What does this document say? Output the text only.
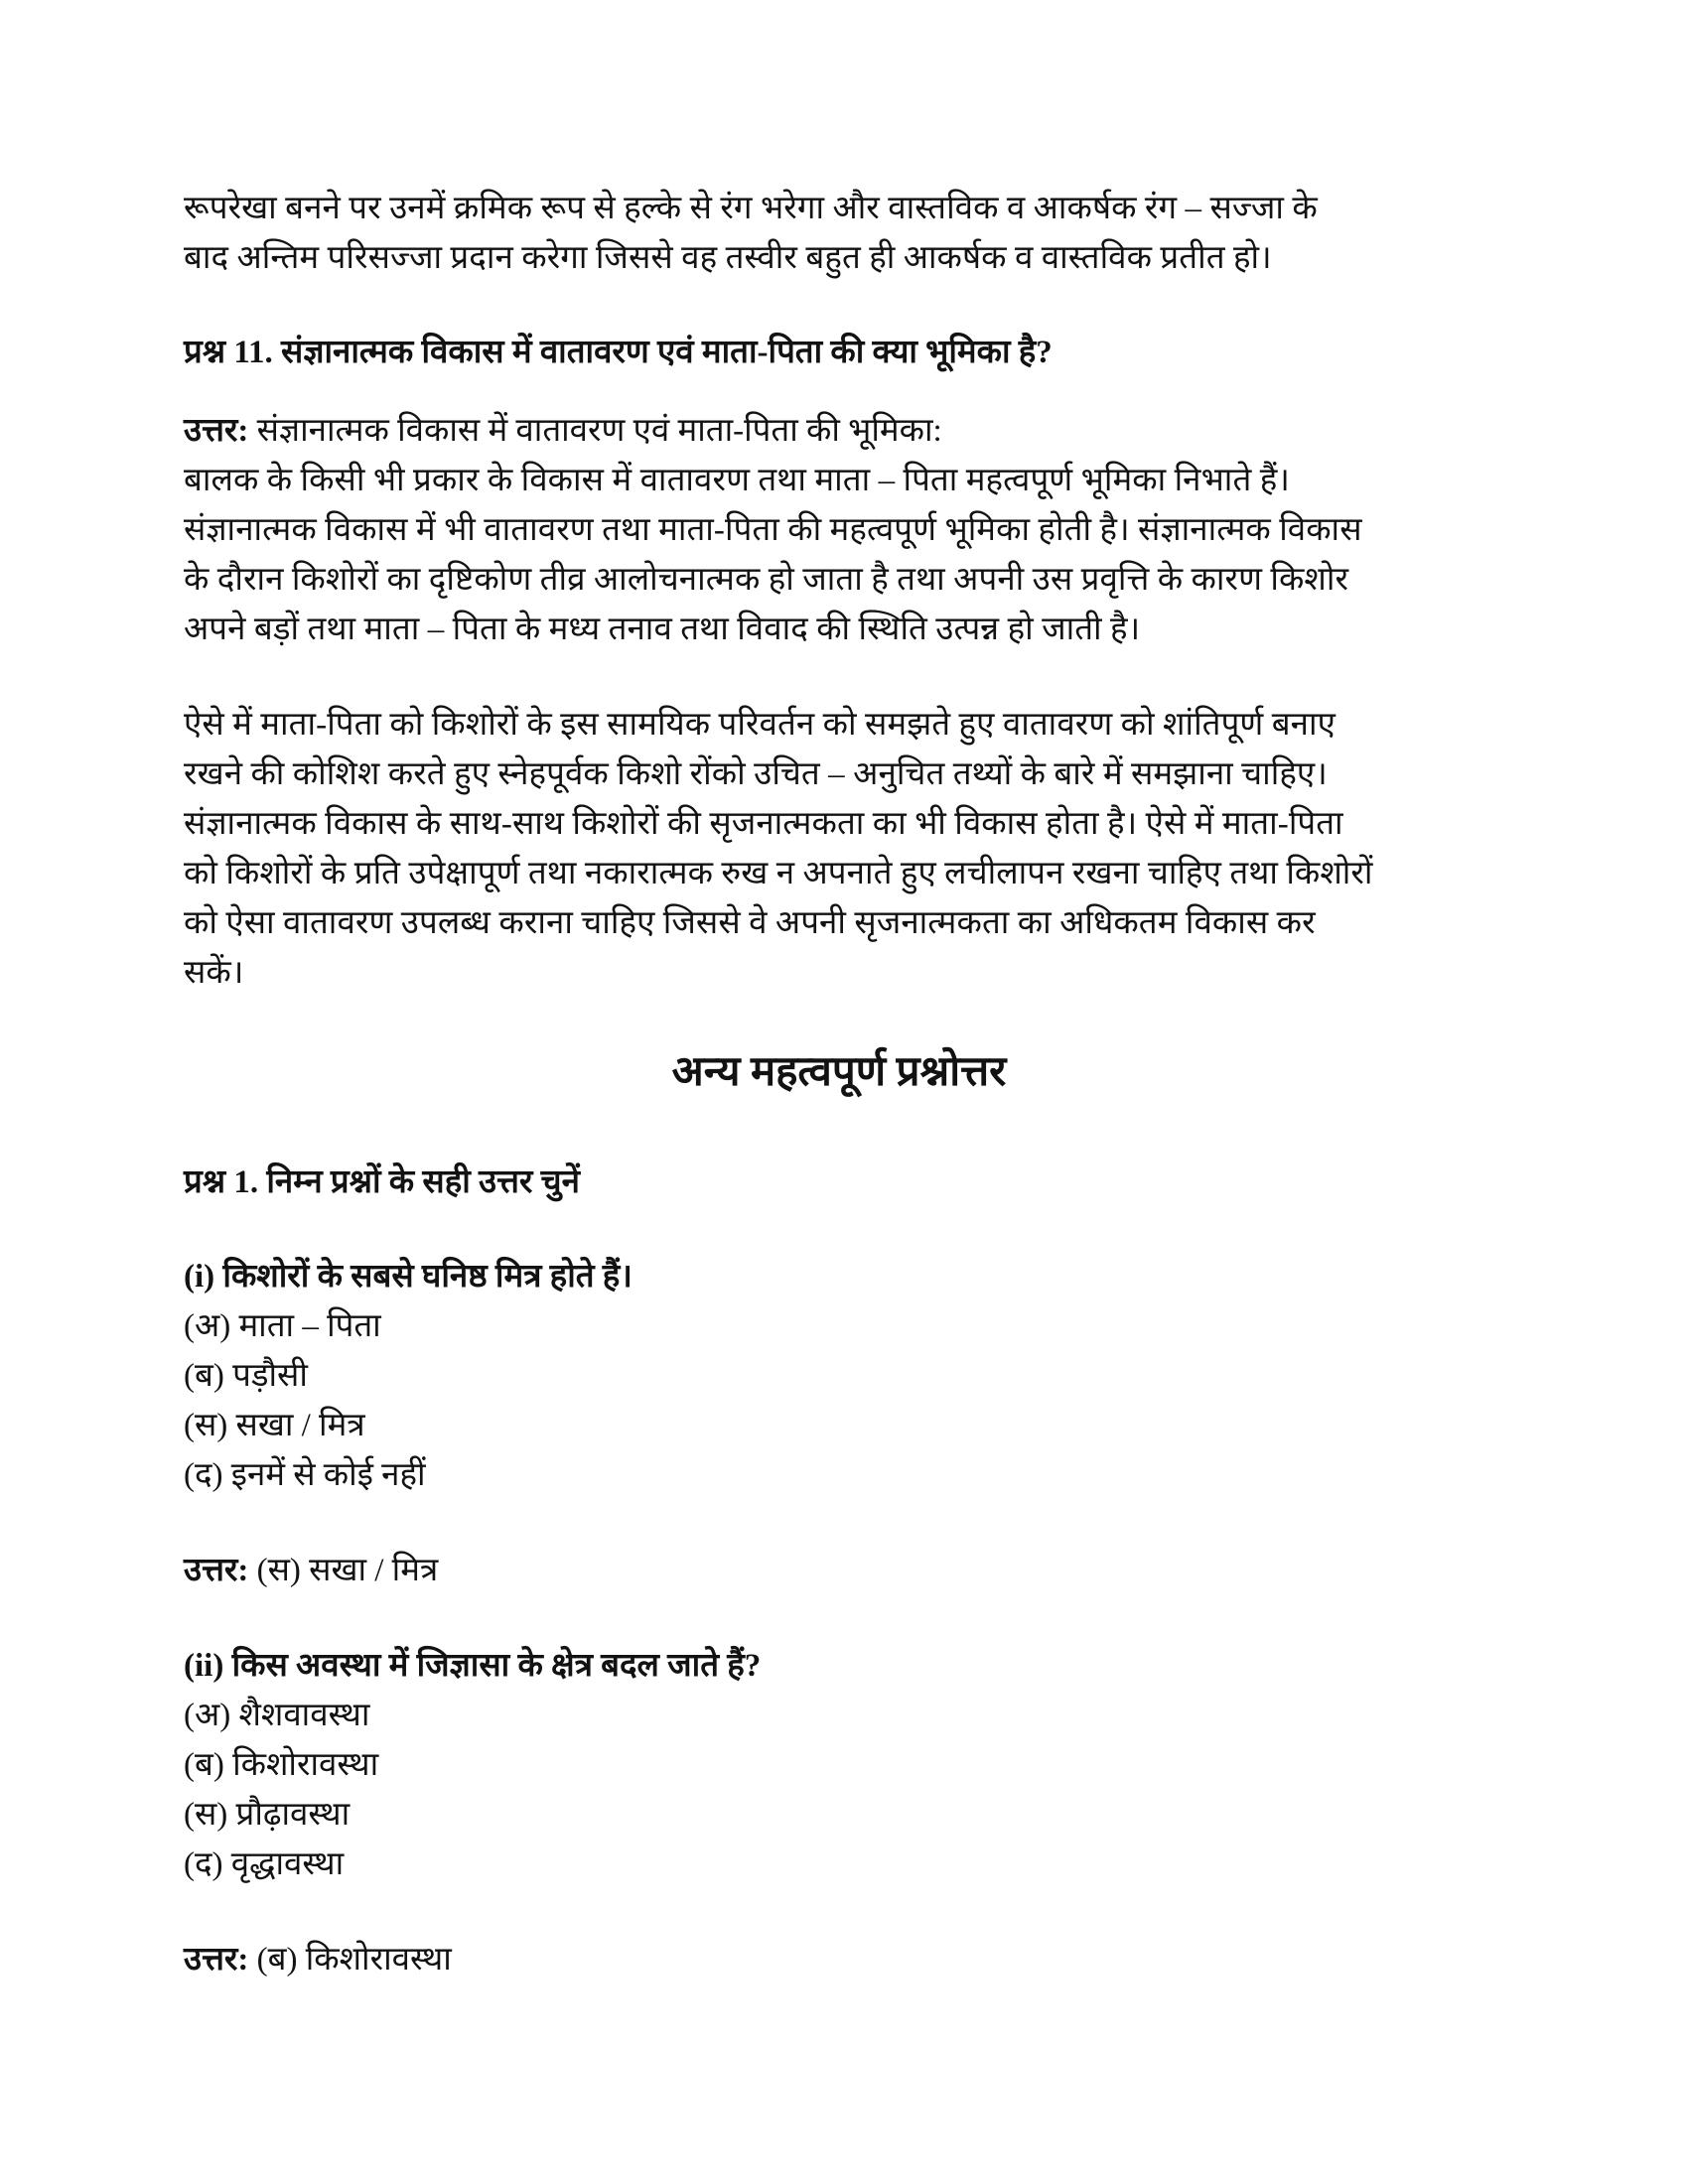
रूपरेखा बनने पर उनमें क्रमिक रूप से हल्के से रंग भरेगा और वास्तविक व आकर्षक रंग – सज्जा के
बाद अन्तिम परिसज्जा प्रदान करेगा जिससे वह तस्वीर बहुत ही आकर्षक व वास्तविक प्रतीत हो।
प्रश्न 11. संज्ञानात्मक विकास में वातावरण एवं माता-पिता की क्या भूमिका है?

उत्तर: संज्ञानात्मक विकास में वातावरण एवं माता-पिता की भूमिका:

बालक के किसी भी प्रकार के विकास में वातावरण तथा माता – पिता महत्वपूर्ण भूमिका निभाते हैं।
संज्ञानात्मक विकास में भी वातावरण तथा माता-पिता की महत्वपूर्ण भूमिका होती है। संज्ञानात्मक विकास
के दौरान किशोरों का दृष्टिकोण तीव्र आलोचनात्मक हो जाता है तथा अपनी उस प्रवृत्ति के कारण किशोर
अपने बड़ों तथा माता – पिता के मध्य तनाव तथा विवाद की स्थिति उत्पन्न हो जाती है।
ऐसे में माता-पिता को किशोरों के इस सामयिक परिवर्तन को समझते हुए वातावरण को शांतिपूर्ण बनाए
रखने की कोशिश करते हुए स्नेहपूर्वक किशो रोंको उचित – अनुचित तथ्यों के बारे में समझाना चाहिए।
संज्ञानात्मक विकास के साथ-साथ किशोरों की सृजनात्मकता का भी विकास होता है। ऐसे में माता-पिता
को किशोरों के प्रति उपेक्षापूर्ण तथा नकारात्मक रुख न अपनाते हुए लचीलापन रखना चाहिए तथा किशोरों
को ऐसा वातावरण उपलब्ध कराना चाहिए जिससे वे अपनी सृजनात्मकता का अधिकतम विकास कर
सकें।
अन्य महत्वपूर्ण प्रश्नोत्तर
प्रश्न 1. निम्न प्रश्नों के सही उत्तर चुनें

(i) किशोरों के सबसे घनिष्ठ मित्र होते हैं।

(अ) माता – पिता
(ब) पड़ौसी
(स) सखा / मित्र
(द) इनमें से कोई नहीं

उत्तर: (स) सखा / मित्र

(ii) किस अवस्था में जिज्ञासा के क्षेत्र बदल जाते हैं?

(अ) शैशवावस्था
(ब) किशोरावस्था
(स) प्रौढ़ावस्था
(द) वृद्धावस्था

उत्तर: (ब) किशोरावस्था
